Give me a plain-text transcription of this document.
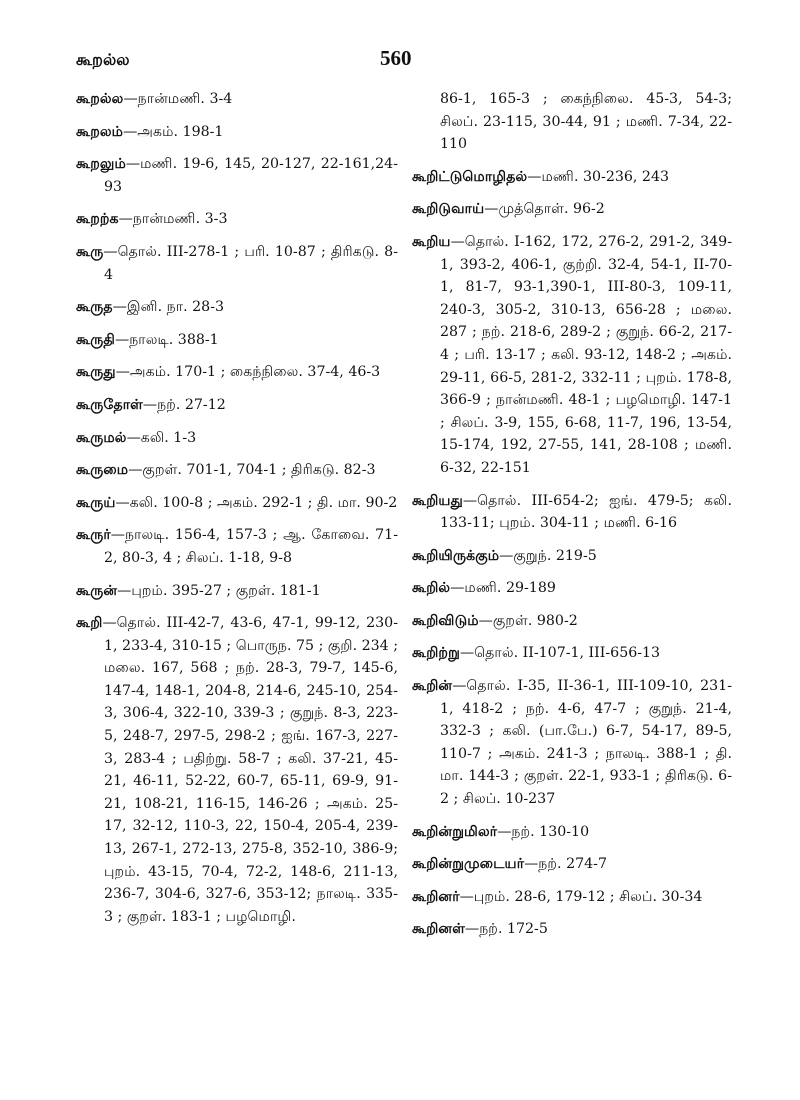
கூறல்ல	560

கூறல்ல—நான்மணி. 3-4

கூறலம்—அகம். 198-1

கூறலும்—மணி. 19-6, 145, 20-127, 22-161,24-93

கூறற்க—நான்மணி. 3-3

கூரு—தொல். III-278-1 ; பரி. 10-87 ; திரிகடு. 8-4

கூருத—இனி. நா. 28-3

கூருதி—நாலடி. 388-1

கூருது—அகம். 170-1 ; கைந்நிலை. 37-4, 46-3

கூருதோள்—நற். 27-12

கூருமல்—கலி. 1-3

கூருமை—குறள். 701-1, 704-1 ; திரிகடு. 82-3

கூருய்—கலி. 100-8 ; அகம். 292-1 ; தி. மா. 90-2

கூருர்—நாலடி. 156-4, 157-3 ; ஆ. கோவை. 71-2, 80-3, 4 ; சிலப். 1-18, 9-8

கூருன்—புறம். 395-27 ; குறள். 181-1

கூறி—தொல். III-42-7, 43-6, 47-1, 99-12, 230-1, 233-4, 310-15 ; பொருந. 75 ; குறி. 234 ; மலை. 167, 568 ; நற். 28-3, 79-7, 145-6, 147-4, 148-1, 204-8, 214-6, 245-10, 254-3, 306-4, 322-10, 339-3 ; குறுந். 8-3, 223-5, 248-7, 297-5, 298-2 ; ஐங். 167-3, 227-3, 283-4 ; பதிற்று. 58-7 ; கலி. 37-21, 45-21, 46-11, 52-22, 60-7, 65-11, 69-9, 91-21, 108-21, 116-15, 146-26 ; அகம். 25-17, 32-12, 110-3, 22, 150-4, 205-4, 239-13, 267-1, 272-13, 275-8, 352-10, 386-9; புறம். 43-15, 70-4, 72-2, 148-6, 211-13, 236-7, 304-6, 327-6, 353-12; நாலடி. 335-3 ; குறள். 183-1 ; பழமொழி.

86-1, 165-3 ; கைந்நிலை. 45-3, 54-3; சிலப். 23-115, 30-44, 91 ; மணி. 7-34, 22-110

கூறிட்டுமொழிதல்—மணி. 30-236, 243

கூறிடுவாய்—முத்தொள். 96-2

கூறிய—தொல். I-162, 172, 276-2, 291-2, 349-1, 393-2, 406-1, குற்றி. 32-4, 54-1, II-70-1, 81-7, 93-1,390-1, III-80-3, 109-11, 240-3, 305-2, 310-13, 656-28 ; மலை. 287 ; நற். 218-6, 289-2 ; குறுந். 66-2, 217-4 ; பரி. 13-17 ; கலி. 93-12, 148-2 ; அகம். 29-11, 66-5, 281-2, 332-11 ; புறம். 178-8, 366-9 ; நான்மணி. 48-1 ; பழமொழி. 147-1 ; சிலப். 3-9, 155, 6-68, 11-7, 196, 13-54, 15-174, 192, 27-55, 141, 28-108 ; மணி. 6-32, 22-151

கூறியது—தொல். III-654-2; ஐங். 479-5; கலி. 133-11; புறம். 304-11 ; மணி. 6-16

கூறியிருக்கும்—குறுந். 219-5

கூறில்—மணி. 29-189

கூறிவிடும்—குறள். 980-2

கூறிற்று—தொல். II-107-1, III-656-13

கூறின்—தொல். I-35, II-36-1, III-109-10, 231-1, 418-2 ; நற். 4-6, 47-7 ; குறுந். 21-4, 332-3 ; கலி. (பா.பே.) 6-7, 54-17, 89-5, 110-7 ; அகம். 241-3 ; நாலடி. 388-1 ; தி. மா. 144-3 ; குறள். 22-1, 933-1 ; திரிகடு. 6-2 ; சிலப். 10-237

கூறின்றுமிலர்—நற். 130-10

கூறின்றுமுடையர்—நற். 274-7

கூறினர்—புறம். 28-6, 179-12 ; சிலப். 30-34

கூறினள்—நற். 172-5
